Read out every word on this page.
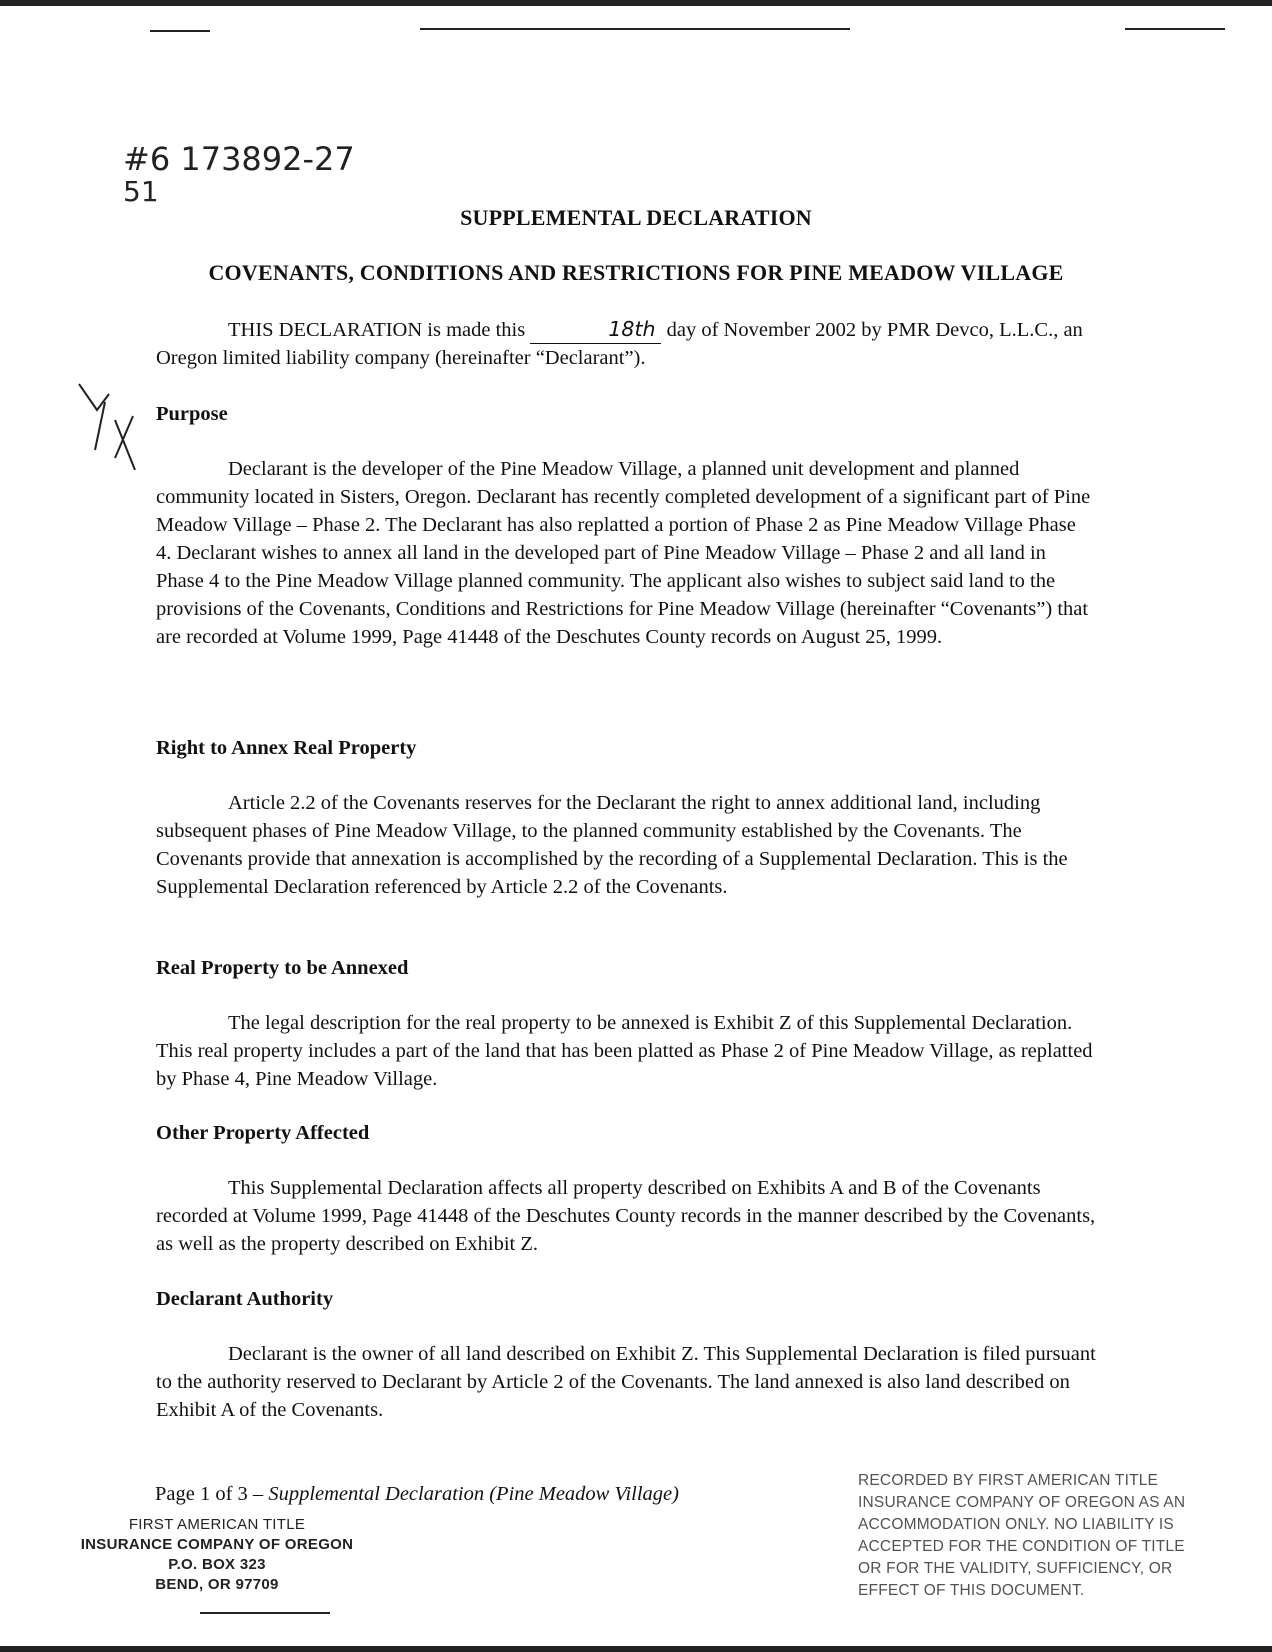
#6 173892-27
51
SUPPLEMENTAL DECLARATION
COVENANTS, CONDITIONS AND RESTRICTIONS FOR PINE MEADOW VILLAGE

THIS DECLARATION is made this	18th day of November 2002 by PMR Devco, L.L.C., an Oregon limited liability company (hereinafter “Declarant”).

Purpose

Declarant is the developer of the Pine Meadow Village, a planned unit development and planned community located in Sisters, Oregon. Declarant has recently completed development of a significant part of Pine Meadow Village – Phase 2. The Declarant has also replatted a portion of Phase 2 as Pine Meadow Village Phase 4. Declarant wishes to annex all land in the developed part of Pine Meadow Village – Phase 2 and all land in Phase 4 to the Pine Meadow Village planned community. The applicant also wishes to subject said land to the provisions of the Covenants, Conditions and Restrictions for Pine Meadow Village (hereinafter “Covenants”) that are recorded at Volume 1999, Page 41448 of the Deschutes County records on August 25, 1999.

Right to Annex Real Property

Article 2.2 of the Covenants reserves for the Declarant the right to annex additional land, including subsequent phases of Pine Meadow Village, to the planned community established by the Covenants. The Covenants provide that annexation is accomplished by the recording of a Supplemental Declaration. This is the Supplemental Declaration referenced by Article 2.2 of the Covenants.

Real Property to be Annexed

The legal description for the real property to be annexed is Exhibit Z of this Supplemental Declaration. This real property includes a part of the land that has been platted as Phase 2 of Pine Meadow Village, as replatted by Phase 4, Pine Meadow Village.

Other Property Affected

This Supplemental Declaration affects all property described on Exhibits A and B of the Covenants recorded at Volume 1999, Page 41448 of the Deschutes County records in the manner described by the Covenants, as well as the property described on Exhibit Z.

Declarant Authority

Declarant is the owner of all land described on Exhibit Z. This Supplemental Declaration is filed pursuant to the authority reserved to Declarant by Article 2 of the Covenants. The land annexed is also land described on Exhibit A of the Covenants.

Page 1 of 3 – Supplemental Declaration (Pine Meadow Village)
FIRST AMERICAN TITLE
INSURANCE COMPANY OF OREGON
P.O. BOX 323
BEND, OR 97709
RECORDED BY FIRST AMERICAN TITLE
INSURANCE COMPANY OF OREGON AS AN
ACCOMMODATION ONLY. NO LIABILITY IS
ACCEPTED FOR THE CONDITION OF TITLE
OR FOR THE VALIDITY, SUFFICIENCY, OR
EFFECT OF THIS DOCUMENT.
